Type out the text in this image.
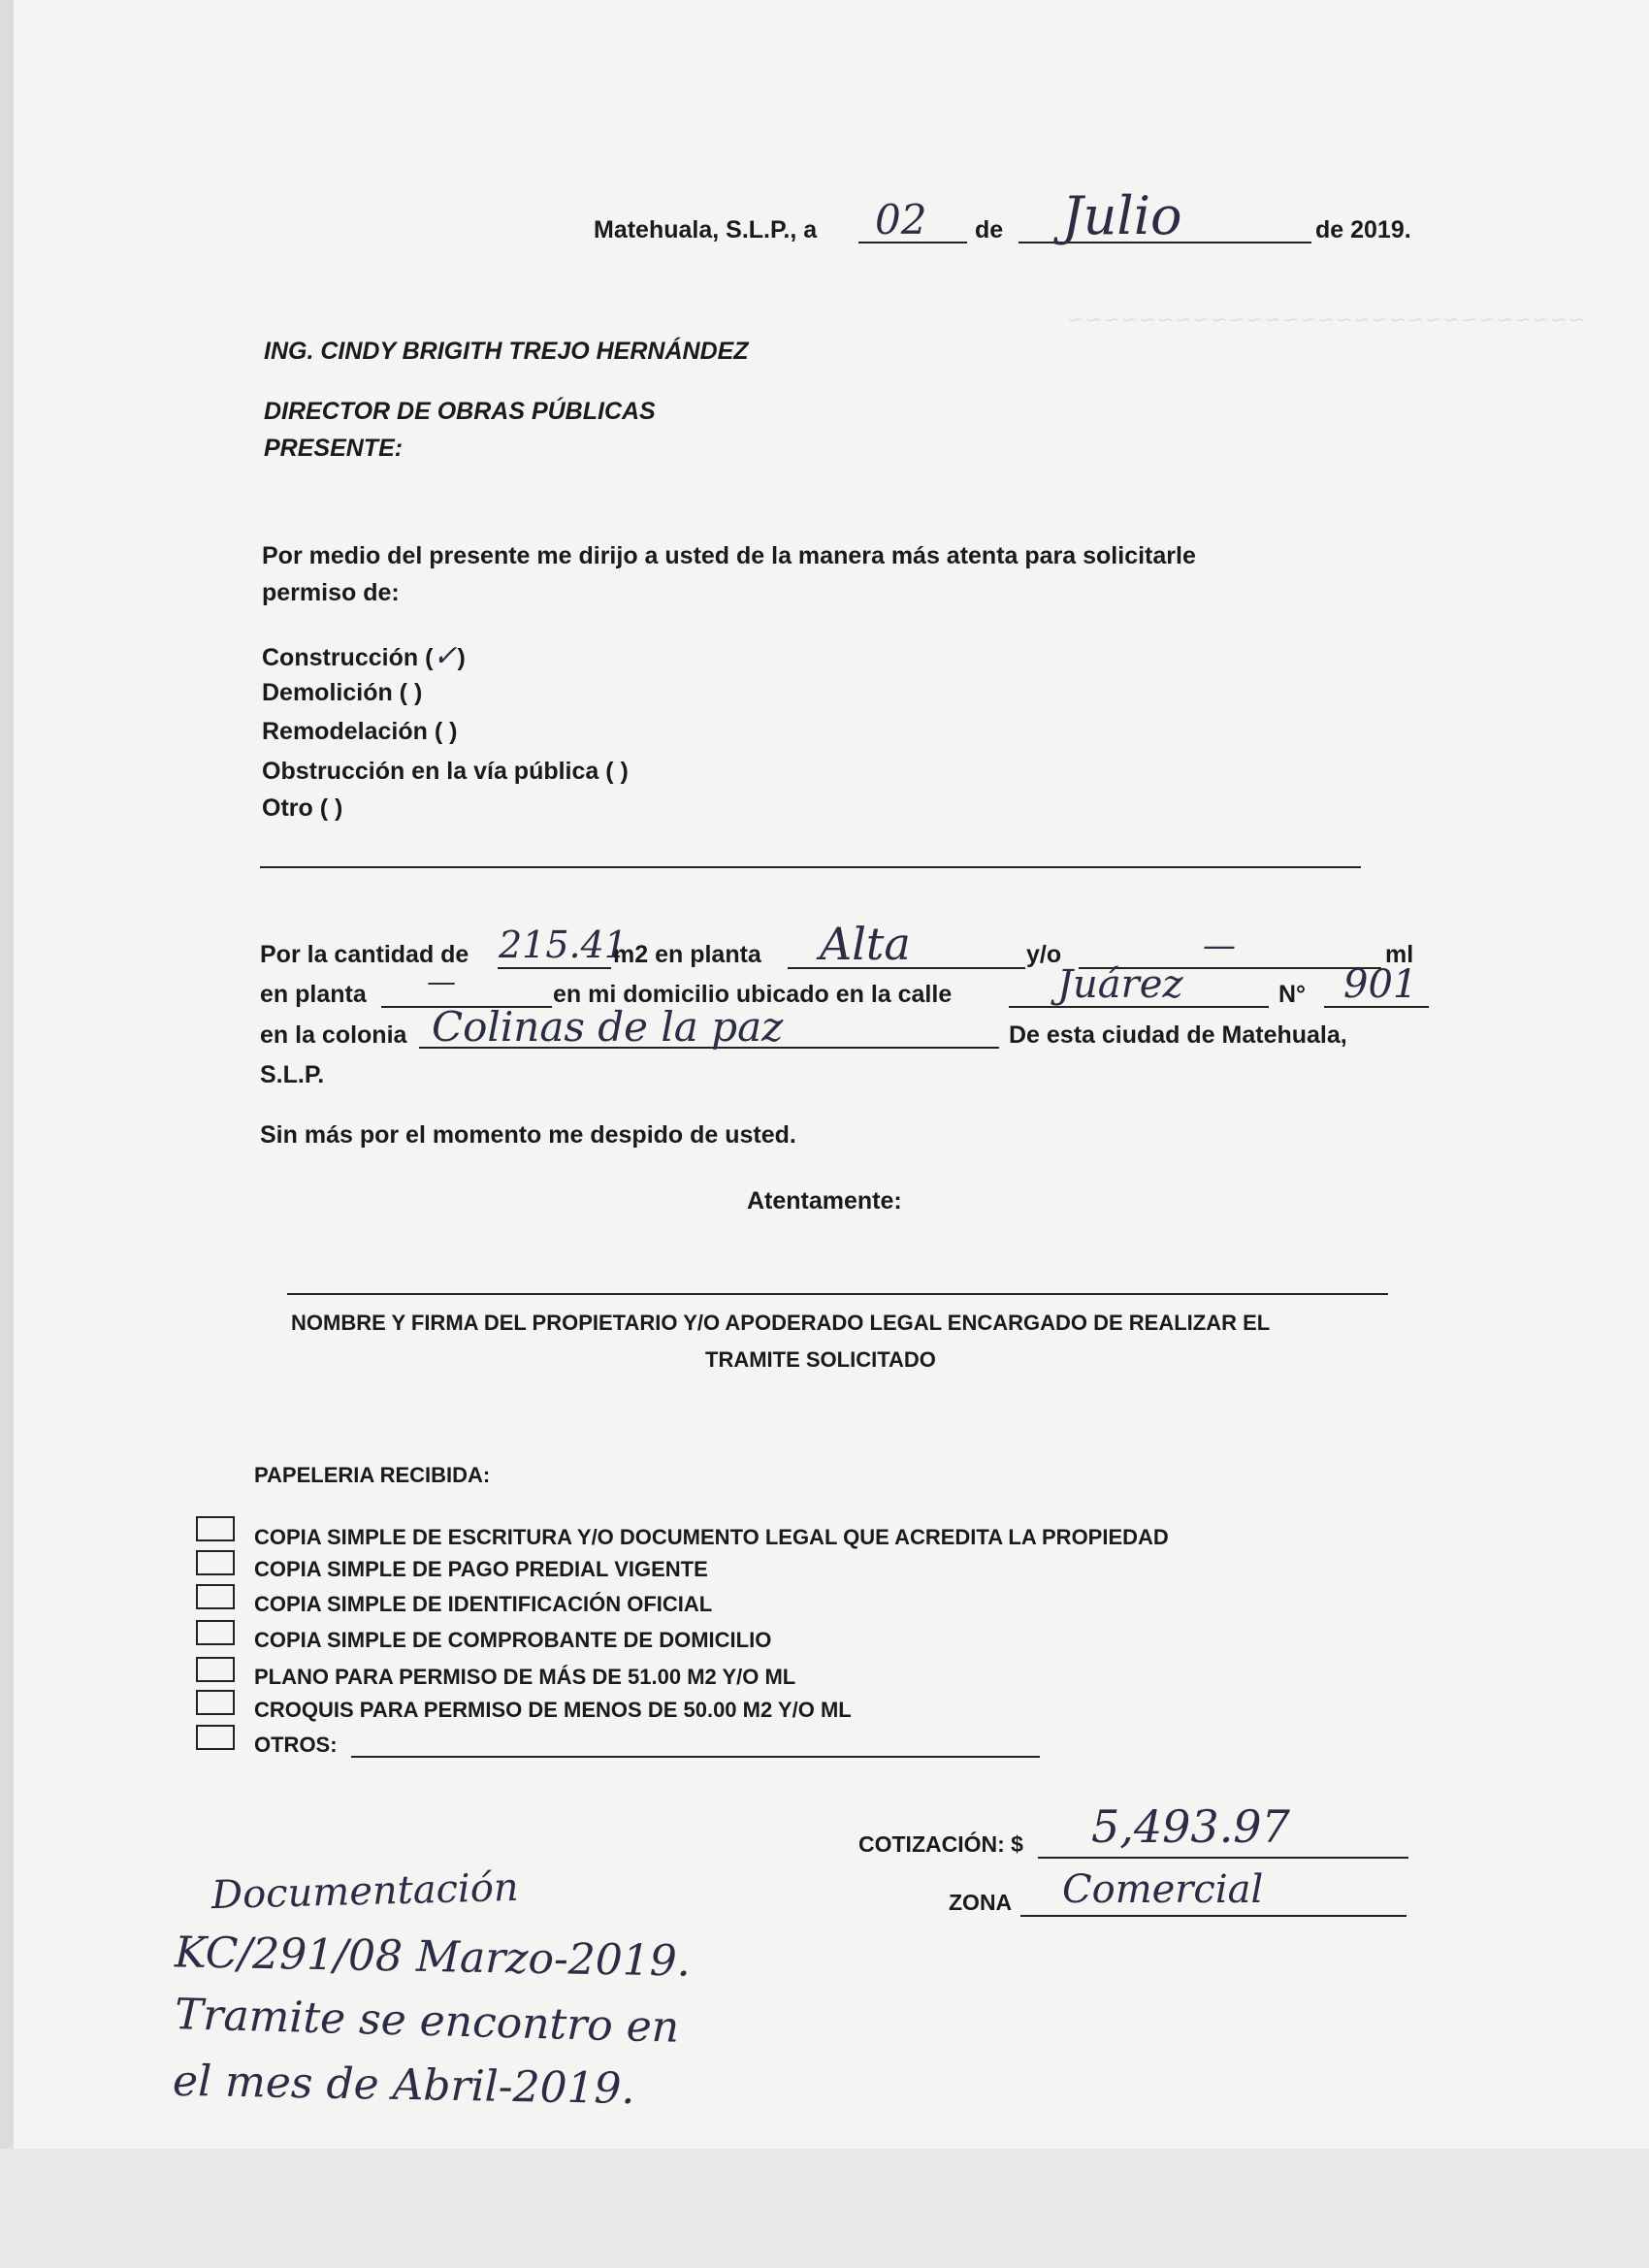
~~~~~~~~~~~~~~~~~~~~~~~~~~~~~
Matehuala, S.L.P., a 02 de Julio	de 2019.
ING. CINDY BRIGITH TREJO HERNÁNDEZ
DIRECTOR DE OBRAS PÚBLICAS
PRESENTE:
Por medio del presente me dirijo a usted de la manera más atenta para solicitarle
permiso de:
Construcción (✓)
Demolición ( )
Remodelación ( )
Obstrucción en la vía pública ( )
Otro ( )
Por la cantidad de 215.41
m2 en planta Alta	y/o	—	ml
en planta —	en mi domicilio ubicado en la calle	Juárez	N° 901
en la colonia Colinas de la paz	De esta ciudad de Matehuala,
S.L.P.
Sin más por el momento me despido de usted.
Atentamente:
NOMBRE Y FIRMA DEL PROPIETARIO Y/O APODERADO LEGAL ENCARGADO DE REALIZAR EL
TRAMITE SOLICITADO
PAPELERIA RECIBIDA:
COPIA SIMPLE DE ESCRITURA Y/O DOCUMENTO LEGAL QUE ACREDITA LA PROPIEDAD
COPIA SIMPLE DE PAGO PREDIAL VIGENTE
COPIA SIMPLE DE IDENTIFICACIÓN OFICIAL
COPIA SIMPLE DE COMPROBANTE DE DOMICILIO
PLANO PARA PERMISO DE MÁS DE 51.00 M2 Y/O ML
CROQUIS PARA PERMISO DE MENOS DE 50.00 M2 Y/O ML
OTROS:
COTIZACIÓN: $ 5,493.97
ZONA Comercial
Documentación
KC/291/08 Marzo-2019.
Tramite se encontro en
el mes de Abril-2019.
